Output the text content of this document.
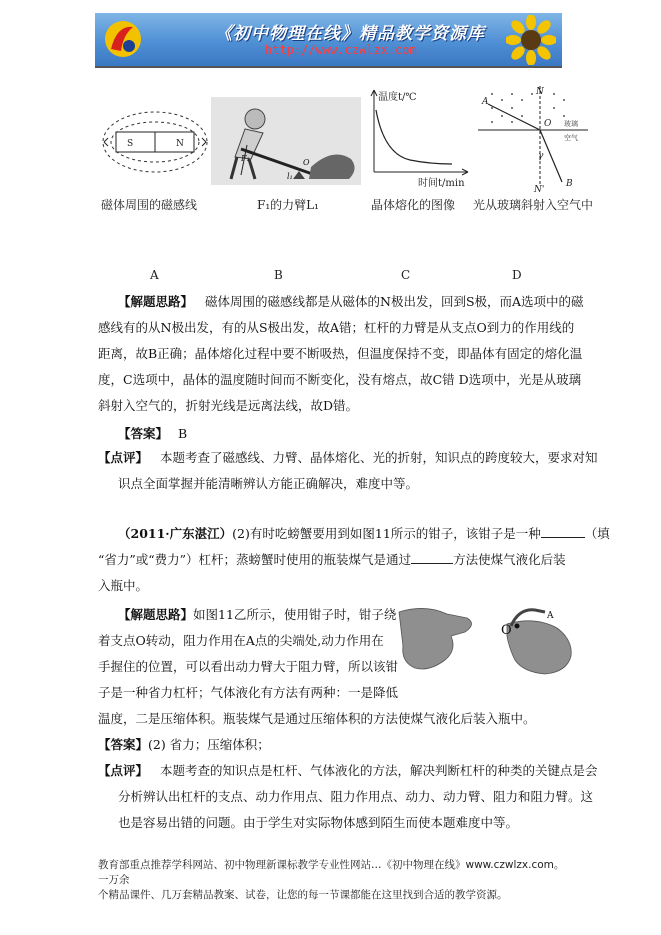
《初中物理在线》精品教学资源库
http://www.czwlzx.com
S	N
F₁	O
l₁
温度t/℃
时间t/min
A
N
O 玻璃
空气
γ
N'
B
磁体周围的磁感线	F₁的力臂L₁	晶体熔化的图像 光从玻璃斜射入空气中
A	B	C	D
【解题思路】 磁体周围的磁感线都是从磁体的N极出发，回到S极，而A选项中的磁
感线有的从N极出发，有的从S极出发，故A错；杠杆的力臂是从支点O到力的作用线的
距离，故B正确；晶体熔化过程中要不断吸热，但温度保持不变，即晶体有固定的熔化温
度，C选项中，晶体的温度随时间而不断变化，没有熔点，故C错 D选项中，光是从玻璃
斜射入空气的，折射光线是远离法线，故D错。
【答案】 B
【点评】 本题考查了磁感线、力臂、晶体熔化、光的折射，知识点的跨度较大，要求对知
识点全面掌握并能清晰辨认方能正确解决，难度中等。
（2011·广东湛江）(2)有时吃螃蟹要用到如图11所示的钳子，该钳子是一种	（填
“省力”或“费力”）杠杆；蒸螃蟹时使用的瓶装煤气是通过	方法使煤气液化后装
入瓶中。
【解题思路】如图11乙所示，使用钳子时，钳子绕
着支点O转动，阻力作用在A点的尖端处,动力作用在
手握住的位置，可以看出动力臂大于阻力臂，所以该钳
子是一种省力杠杆；气体液化有方法有两种：一是降低
温度，二是压缩体积。瓶装煤气是通过压缩体积的方法使煤气液化后装入瓶中。
O
A
【答案】(2) 省力；压缩体积；
【点评】 本题考查的知识点是杠杆、气体液化的方法，解决判断杠杆的种类的关键点是会
分析辨认出杠杆的支点、动力作用点、阻力作用点、动力、动力臂、阻力和阻力臂。这
也是容易出错的问题。由于学生对实际物体感到陌生而使本题难度中等。
教育部重点推荐学科网站、初中物理新课标教学专业性网站…《初中物理在线》www.czwlzx.com。一万余
个精品课件、几万套精品教案、试卷，让您的每一节课都能在这里找到合适的教学资源。
